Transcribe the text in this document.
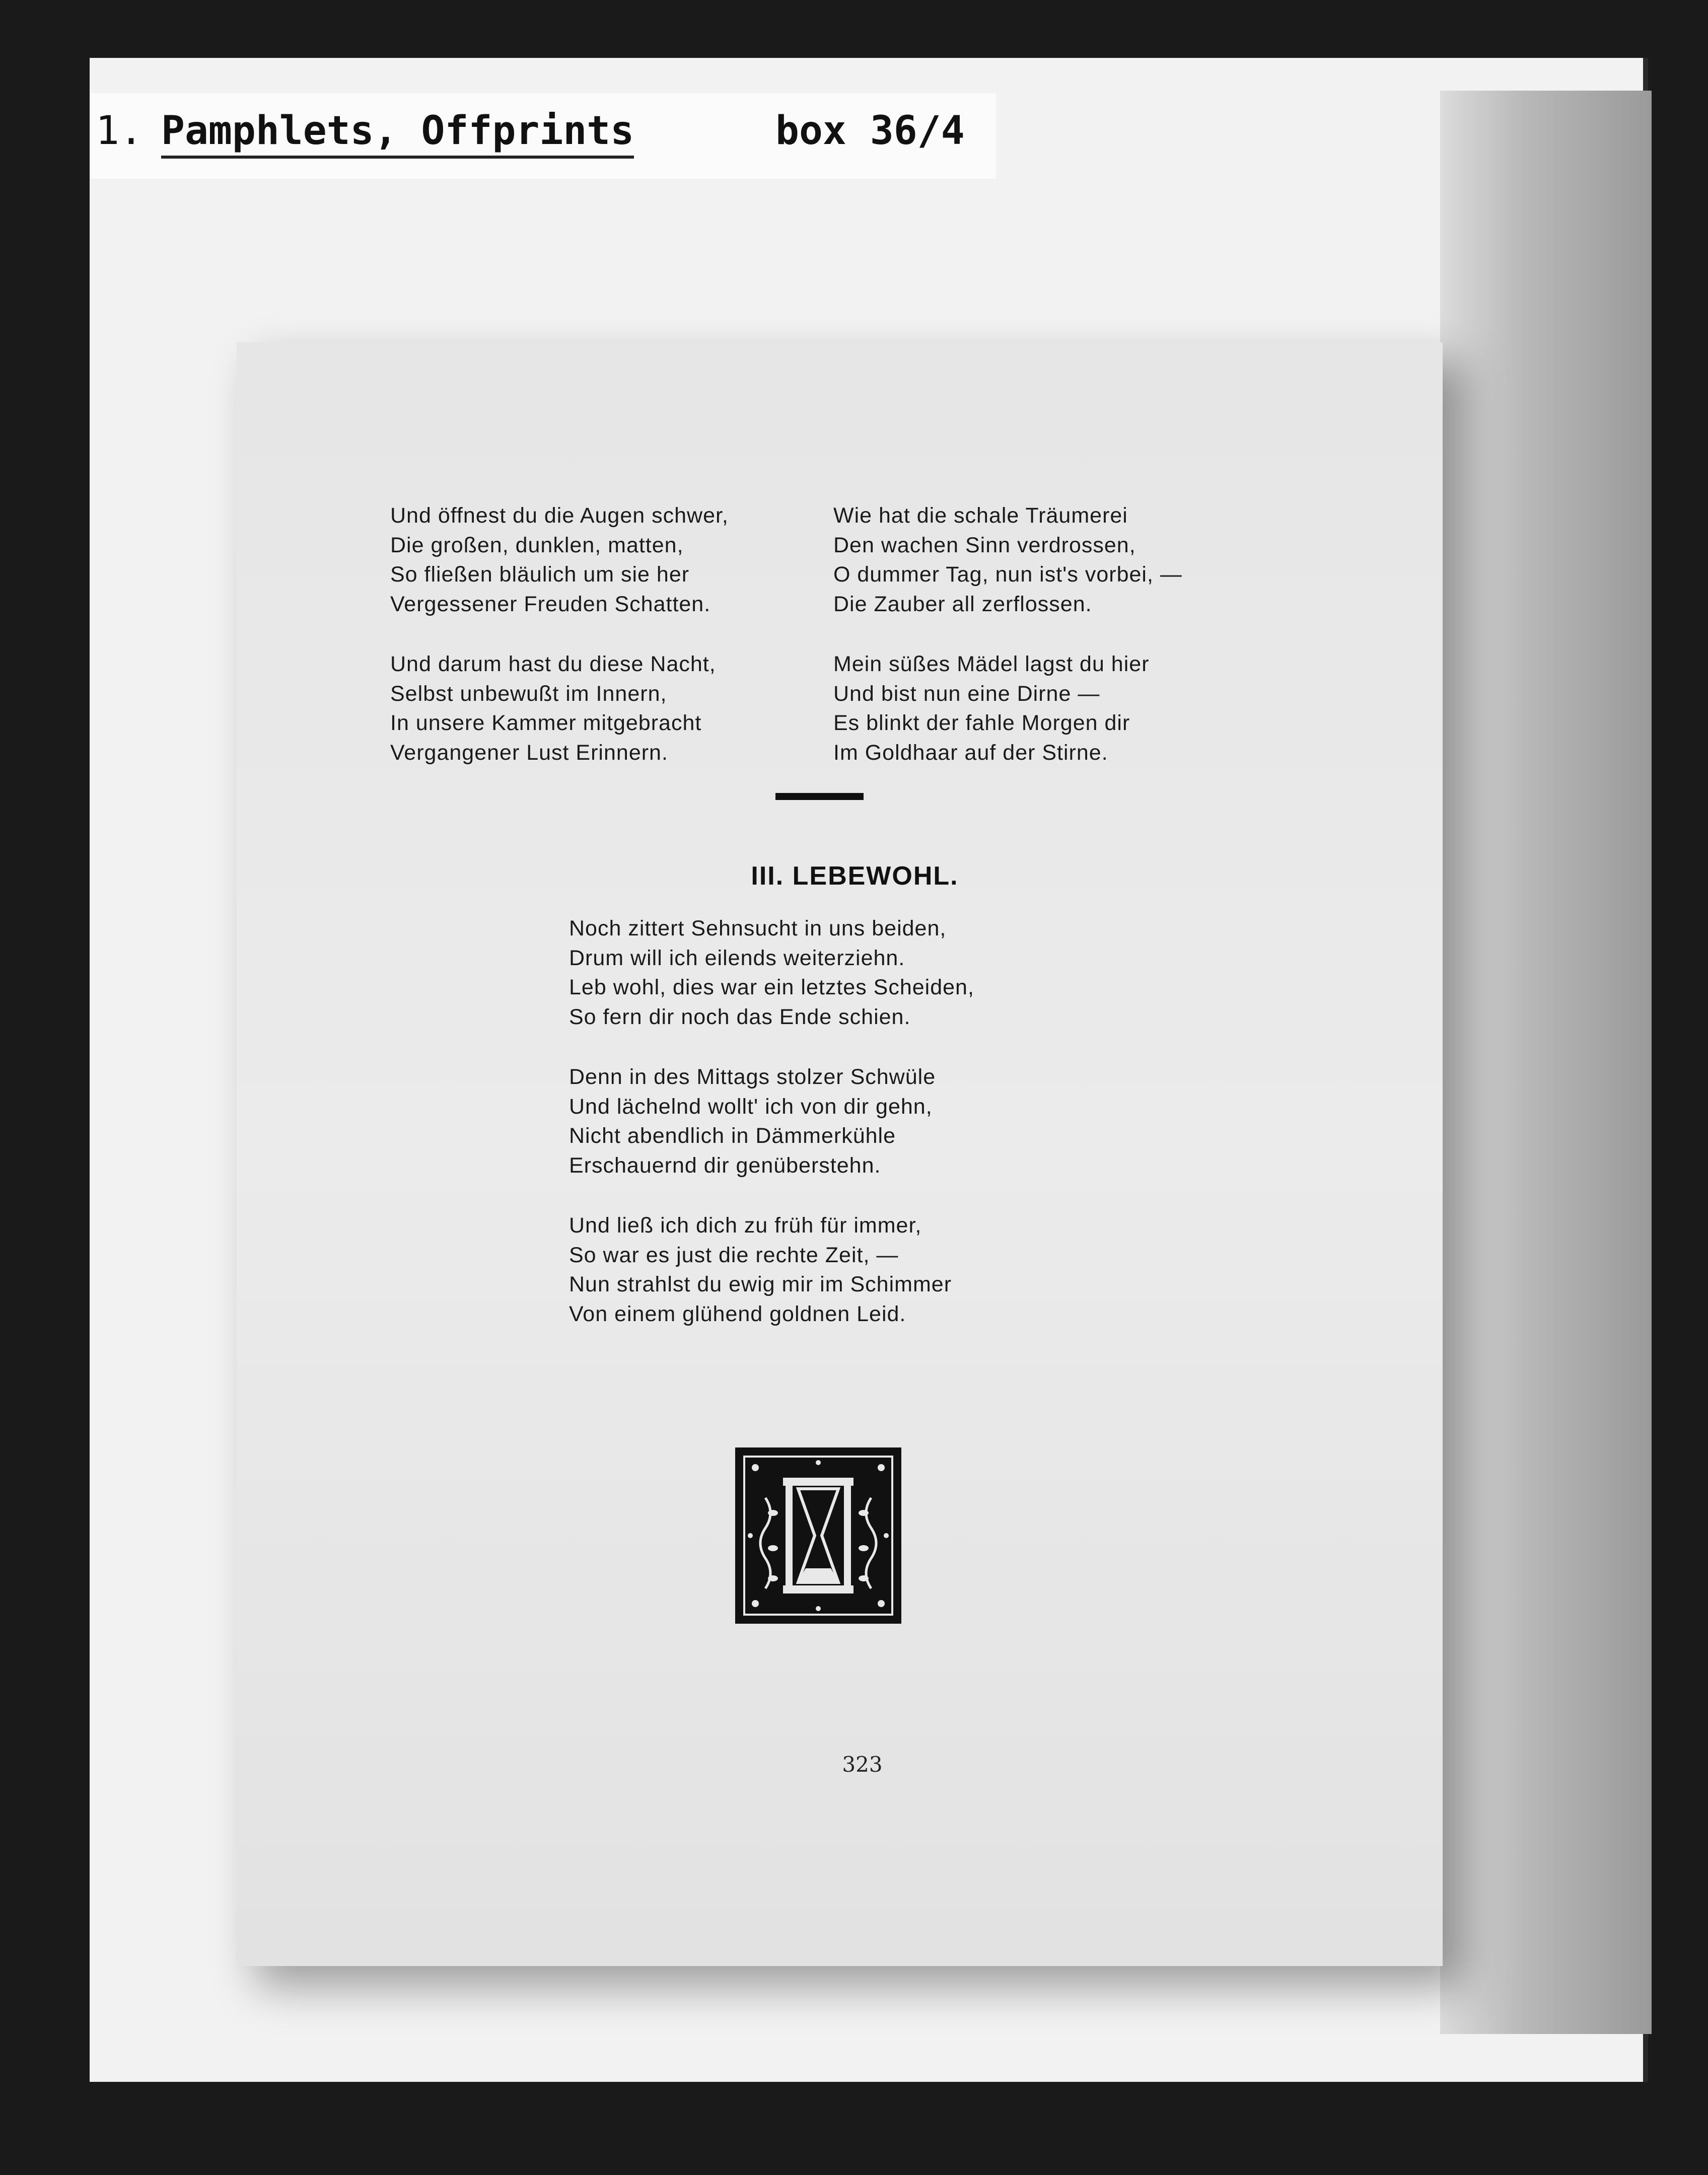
1. Pamphlets, Offprints	box 36/4
Und öffnest du die Augen schwer,
Die großen, dunklen, matten,
So fließen bläulich um sie her
Vergessener Freuden Schatten.
Und darum hast du diese Nacht,
Selbst unbewußt im Innern,
In unsere Kammer mitgebracht
Vergangener Lust Erinnern.
Wie hat die schale Träumerei
Den wachen Sinn verdrossen,
O dummer Tag, nun ist's vorbei, —
Die Zauber all zerflossen.
Mein süßes Mädel lagst du hier
Und bist nun eine Dirne —
Es blinkt der fahle Morgen dir
Im Goldhaar auf der Stirne.
III. LEBEWOHL.
Noch zittert Sehnsucht in uns beiden,
Drum will ich eilends weiterziehn.
Leb wohl, dies war ein letztes Scheiden,
So fern dir noch das Ende schien.
Denn in des Mittags stolzer Schwüle
Und lächelnd wollt' ich von dir gehn,
Nicht abendlich in Dämmerkühle
Erschauernd dir genüberstehn.
Und ließ ich dich zu früh für immer,
So war es just die rechte Zeit, —
Nun strahlst du ewig mir im Schimmer
Von einem glühend goldnen Leid.
323
